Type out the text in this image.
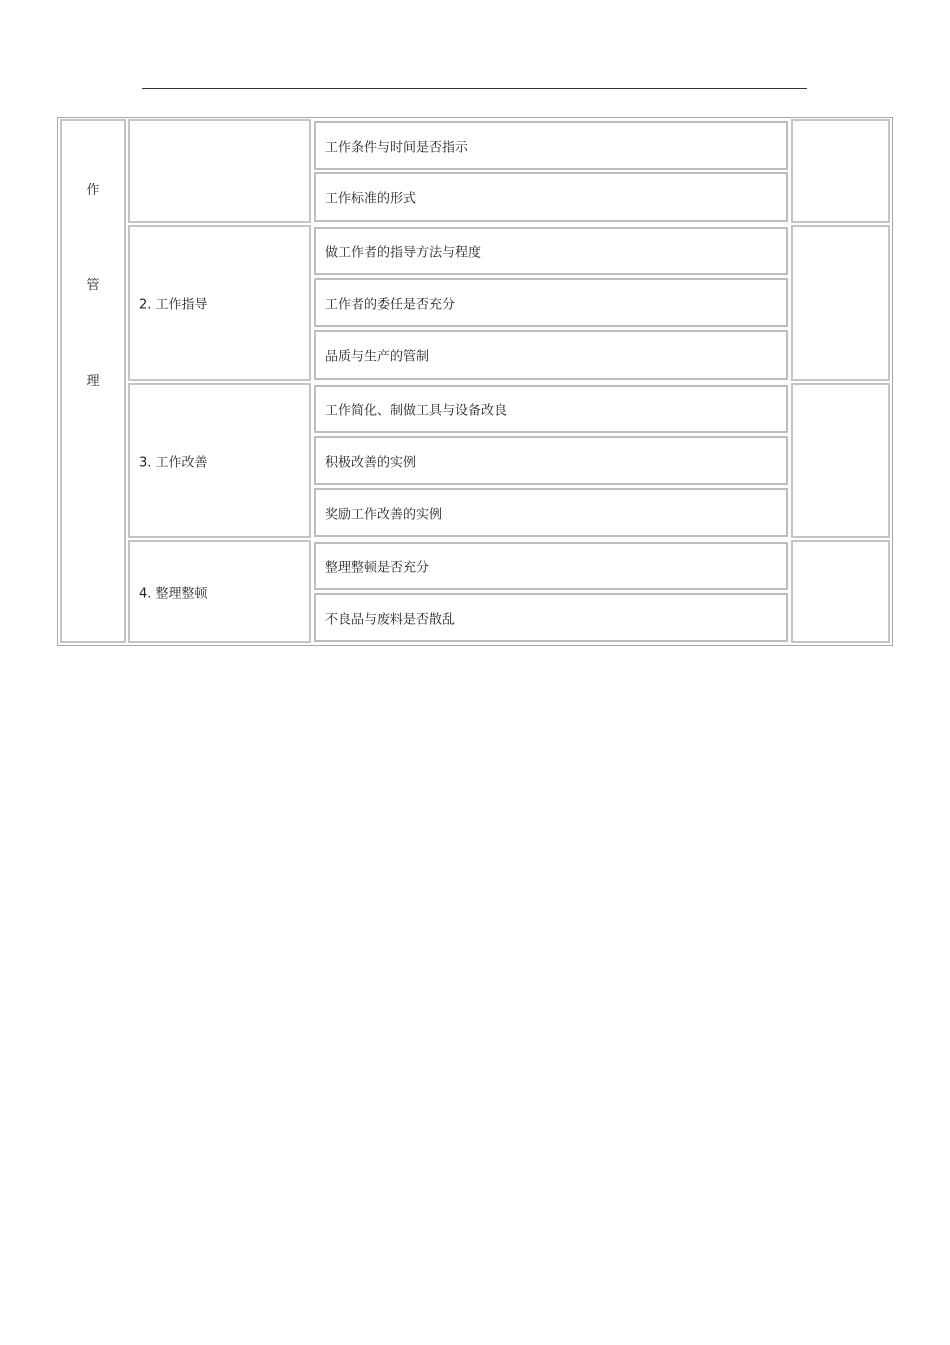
作
管
理
工作条件与时间是否指示
工作标准的形式
2. 工作指导
做工作者的指导方法与程度
工作者的委任是否充分
品质与生产的管制
3. 工作改善
工作简化、制做工具与设备改良
积极改善的实例
奖励工作改善的实例
4. 整理整顿
整理整顿是否充分
不良品与废料是否散乱
